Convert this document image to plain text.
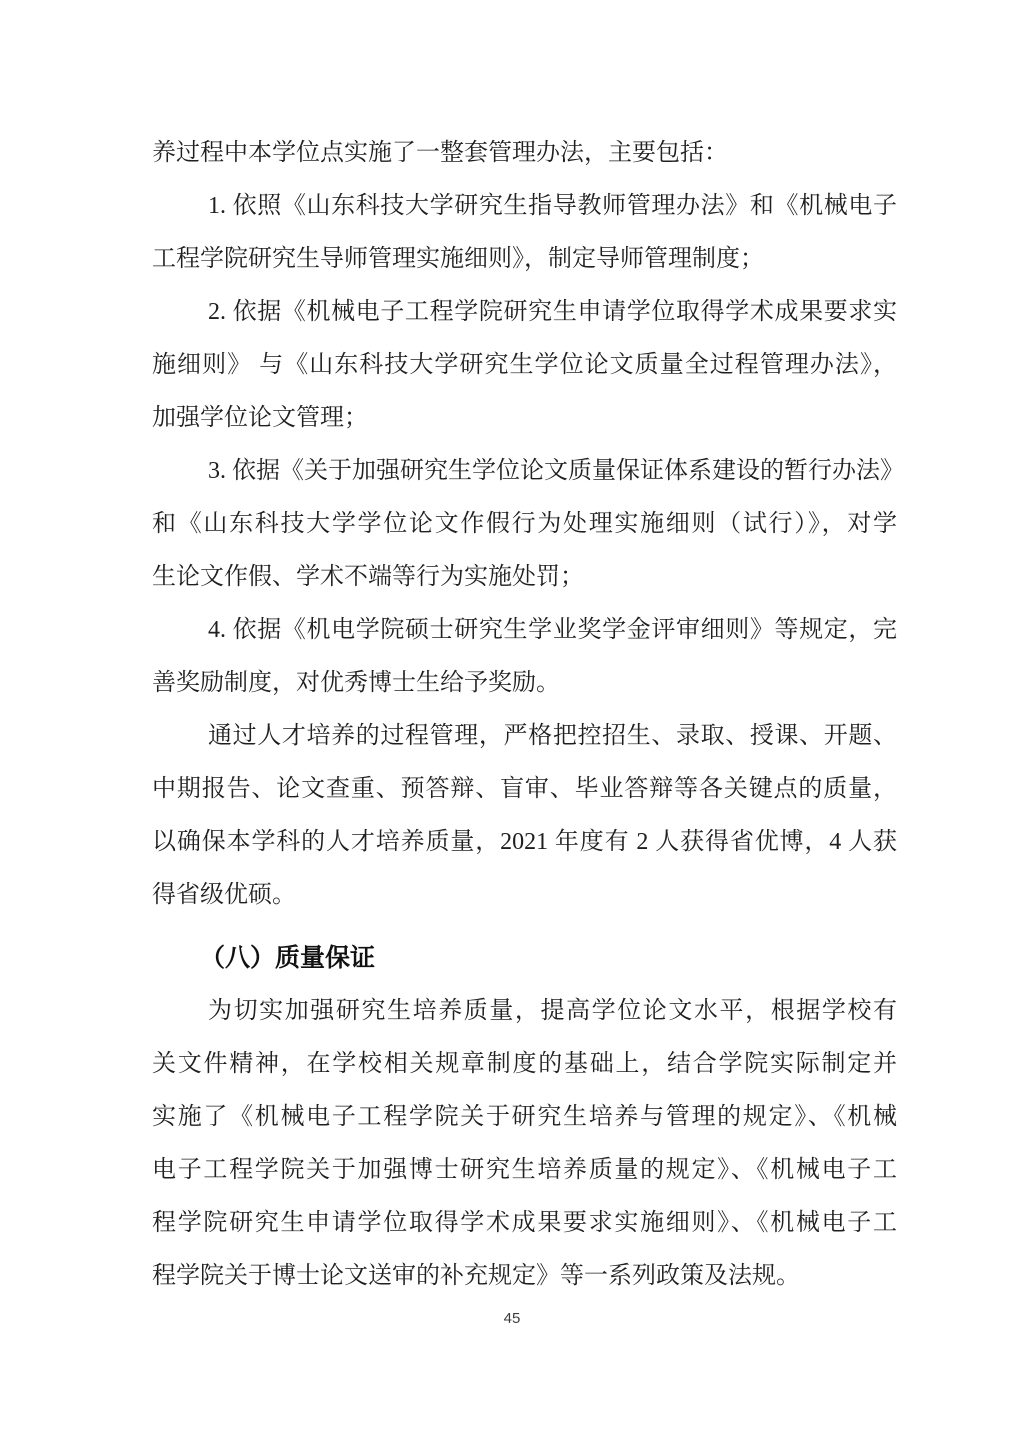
养过程中本学位点实施了一整套管理办法，主要包括：

1. 依照《山东科技大学研究生指导教师管理办法》和《机械电子

工程学院研究生导师管理实施细则》，制定导师管理制度；

2. 依据《机械电子工程学院研究生申请学位取得学术成果要求实

施细则》 与《山东科技大学研究生学位论文质量全过程管理办法》，

加强学位论文管理；

3. 依据《关于加强研究生学位论文质量保证体系建设的暂行办法》

和《山东科技大学学位论文作假行为处理实施细则（试行）》，对学

生论文作假、学术不端等行为实施处罚；

4. 依据《机电学院硕士研究生学业奖学金评审细则》等规定，完

善奖励制度，对优秀博士生给予奖励。

通过人才培养的过程管理，严格把控招生、录取、授课、开题、

中期报告、论文查重、预答辩、盲审、毕业答辩等各关键点的质量，

以确保本学科的人才培养质量，2021 年度有 2 人获得省优博，4 人获

得省级优硕。

（八）质量保证

为切实加强研究生培养质量，提高学位论文水平，根据学校有

关文件精神，在学校相关规章制度的基础上，结合学院实际制定并

实施了《机械电子工程学院关于研究生培养与管理的规定》、《机械

电子工程学院关于加强博士研究生培养质量的规定》、《机械电子工

程学院研究生申请学位取得学术成果要求实施细则》、《机械电子工

程学院关于博士论文送审的补充规定》等一系列政策及法规。

45
